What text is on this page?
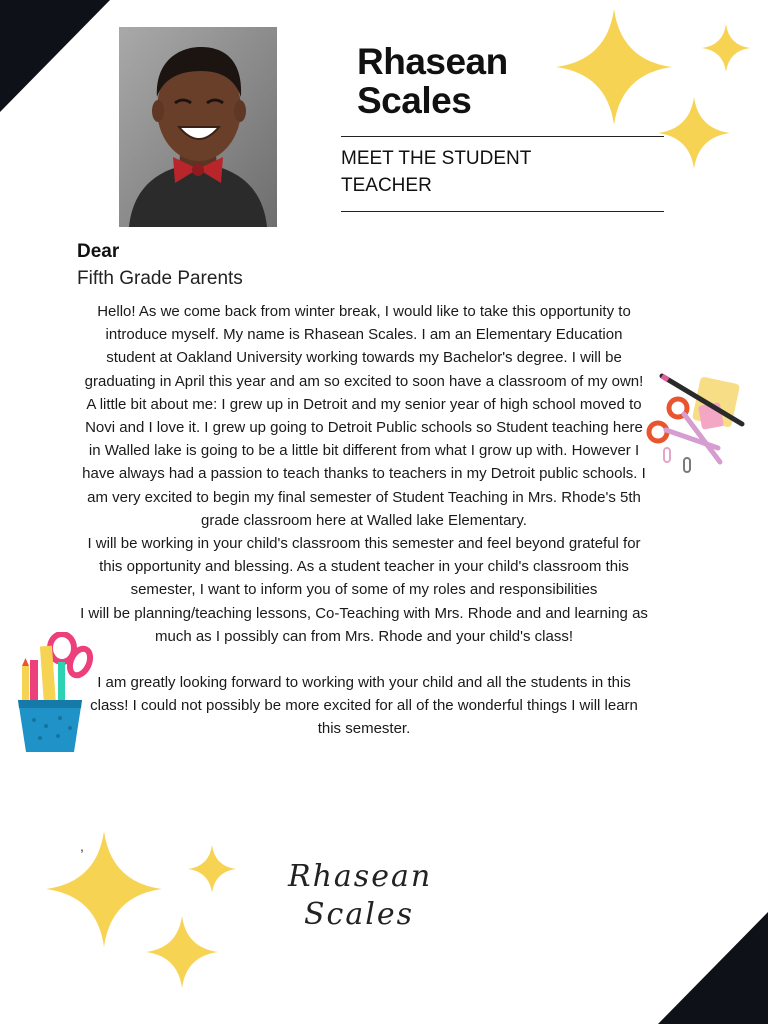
Rhasean
Scales
MEET THE STUDENT
TEACHER
Dear
Fifth Grade Parents

Hello! As we come back from winter break, I would like to take this opportunity to introduce myself. My name is Rhasean Scales. I am an Elementary Education student at Oakland University working towards my Bachelor's degree. I will be graduating in April this year and am so excited to soon have a classroom of my own!

A little bit about me: I grew up in Detroit and my senior year of high school moved to Novi and I love it. I grew up going to Detroit Public schools so Student teaching here in Walled lake is going to be a little bit different from what I grow up with. However I have always had a passion to teach thanks to teachers in my Detroit public schools. I am very excited to begin my final semester of Student Teaching in Mrs. Rhode's 5th grade classroom here at Walled lake Elementary.

I will be working in your child's classroom this semester and feel beyond grateful for this opportunity and blessing. As a student teacher in your child's classroom this semester, I want to inform you of some of my roles and responsibilities

I will be planning/teaching lessons, Co-Teaching with Mrs. Rhode and and learning as much as I possibly can from Mrs. Rhode and your child's class!

I am greatly looking forward to working with your child and all the students in this class! I could not possibly be more excited for all of the wonderful things I will learn this semester.

,
Rhasean
Scales
